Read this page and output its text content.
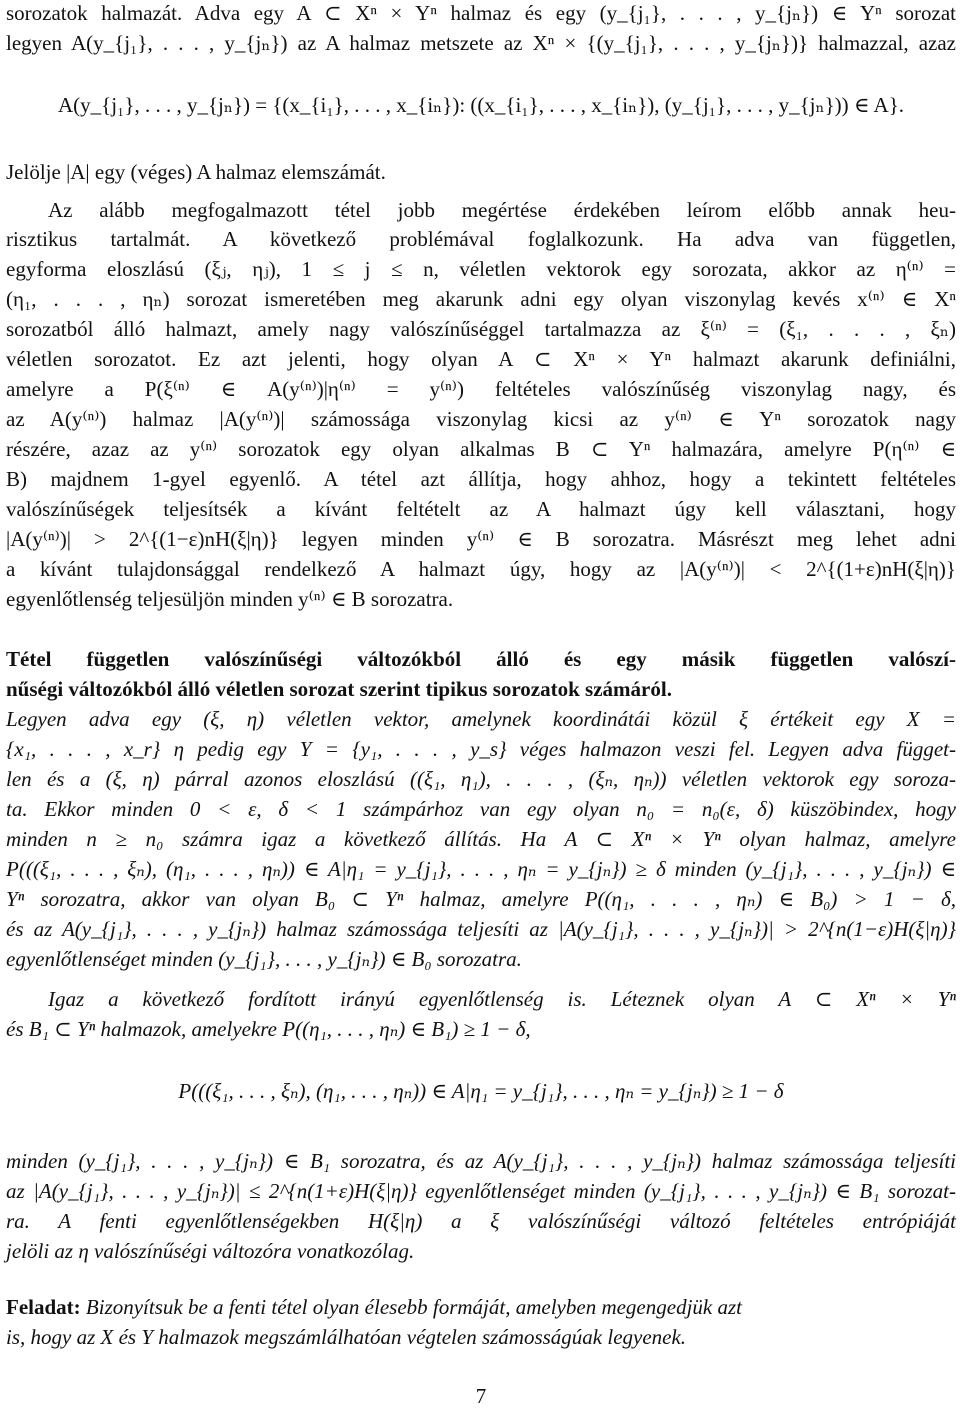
sorozatok halmazát. Adva egy A ⊂ Xⁿ × Yⁿ halmaz és egy (y_{j₁}, . . . , y_{jₙ}) ∈ Yⁿ sorozat
legyen A(y_{j₁}, . . . , y_{jₙ}) az A halmaz metszete az Xⁿ × {(y_{j₁}, . . . , y_{jₙ})} halmazzal, azaz
A(y_{j₁}, . . . , y_{jₙ}) = {(x_{i₁}, . . . , x_{iₙ}): ((x_{i₁}, . . . , x_{iₙ}), (y_{j₁}, . . . , y_{jₙ})) ∈ A}.
Jelölje |A| egy (véges) A halmaz elemszámát.
Az alább megfogalmazott tétel jobb megértése érdekében leírom előbb annak heu-
risztikus tartalmát. A következő problémával foglalkozunk. Ha adva van független,
egyforma eloszlású (ξⱼ, ηⱼ), 1 ≤ j ≤ n, véletlen vektorok egy sorozata, akkor az η⁽ⁿ⁾ =
(η₁, . . . , ηₙ) sorozat ismeretében meg akarunk adni egy olyan viszonylag kevés x⁽ⁿ⁾ ∈ Xⁿ
sorozatból álló halmazt, amely nagy valószínűséggel tartalmazza az ξ⁽ⁿ⁾ = (ξ₁, . . . , ξₙ)
véletlen sorozatot. Ez azt jelenti, hogy olyan A ⊂ Xⁿ × Yⁿ halmazt akarunk definiálni,
amelyre a P(ξ⁽ⁿ⁾ ∈ A(y⁽ⁿ⁾)|η⁽ⁿ⁾ = y⁽ⁿ⁾) feltételes valószínűség viszonylag nagy, és
az A(y⁽ⁿ⁾) halmaz |A(y⁽ⁿ⁾)| számossága viszonylag kicsi az y⁽ⁿ⁾ ∈ Yⁿ sorozatok nagy
részére, azaz az y⁽ⁿ⁾ sorozatok egy olyan alkalmas B ⊂ Yⁿ halmazára, amelyre P(η⁽ⁿ⁾ ∈
B) majdnem 1-gyel egyenlő. A tétel azt állítja, hogy ahhoz, hogy a tekintett feltételes
valószínűségek teljesítsék a kívánt feltételt az A halmazt úgy kell választani, hogy
|A(y⁽ⁿ⁾)| > 2^{(1−ε)nH(ξ|η)} legyen minden y⁽ⁿ⁾ ∈ B sorozatra. Másrészt meg lehet adni
a kívánt tulajdonsággal rendelkező A halmazt úgy, hogy az |A(y⁽ⁿ⁾)| < 2^{(1+ε)nH(ξ|η)}
egyenlőtlenség teljesüljön minden y⁽ⁿ⁾ ∈ B sorozatra.
Tétel független valószínűségi változókból álló és egy másik független valószí-
nűségi változókból álló véletlen sorozat szerint tipikus sorozatok számáról.
Legyen adva egy (ξ, η) véletlen vektor, amelynek koordinátái közül ξ értékeit egy X =
{x₁, . . . , x_r} η pedig egy Y = {y₁, . . . , y_s} véges halmazon veszi fel. Legyen adva függet-
len és a (ξ, η) párral azonos eloszlású ((ξ₁, η₁), . . . , (ξₙ, ηₙ)) véletlen vektorok egy soroza-
ta. Ekkor minden 0 < ε, δ < 1 számpárhoz van egy olyan n₀ = n₀(ε, δ) küszöbindex, hogy
minden n ≥ n₀ számra igaz a következő állítás. Ha A ⊂ Xⁿ × Yⁿ olyan halmaz, amelyre
P(((ξ₁, . . . , ξₙ), (η₁, . . . , ηₙ)) ∈ A|η₁ = y_{j₁}, . . . , ηₙ = y_{jₙ}) ≥ δ minden (y_{j₁}, . . . , y_{jₙ}) ∈
Yⁿ sorozatra, akkor van olyan B₀ ⊂ Yⁿ halmaz, amelyre P((η₁, . . . , ηₙ) ∈ B₀) > 1 − δ,
és az A(y_{j₁}, . . . , y_{jₙ}) halmaz számossága teljesíti az |A(y_{j₁}, . . . , y_{jₙ})| > 2^{n(1−ε)H(ξ|η)}
egyenlőtlenséget minden (y_{j₁}, . . . , y_{jₙ}) ∈ B₀ sorozatra.
Igaz a következő fordított irányú egyenlőtlenség is. Léteznek olyan A ⊂ Xⁿ × Yⁿ
és B₁ ⊂ Yⁿ halmazok, amelyekre P((η₁, . . . , ηₙ) ∈ B₁) ≥ 1 − δ,
P(((ξ₁, . . . , ξₙ), (η₁, . . . , ηₙ)) ∈ A|η₁ = y_{j₁}, . . . , ηₙ = y_{jₙ}) ≥ 1 − δ
minden (y_{j₁}, . . . , y_{jₙ}) ∈ B₁ sorozatra, és az A(y_{j₁}, . . . , y_{jₙ}) halmaz számossága teljesíti
az |A(y_{j₁}, . . . , y_{jₙ})| ≤ 2^{n(1+ε)H(ξ|η)} egyenlőtlenséget minden (y_{j₁}, . . . , y_{jₙ}) ∈ B₁ sorozat-
ra. A fenti egyenlőtlenségekben H(ξ|η) a ξ valószínűségi változó feltételes entrópiáját
jelöli az η valószínűségi változóra vonatkozólag.
Feladat: Bizonyítsuk be a fenti tétel olyan élesebb formáját, amelyben megengedjük azt
is, hogy az X és Y halmazok megszámlálhatóan végtelen számosságúak legyenek.
7
